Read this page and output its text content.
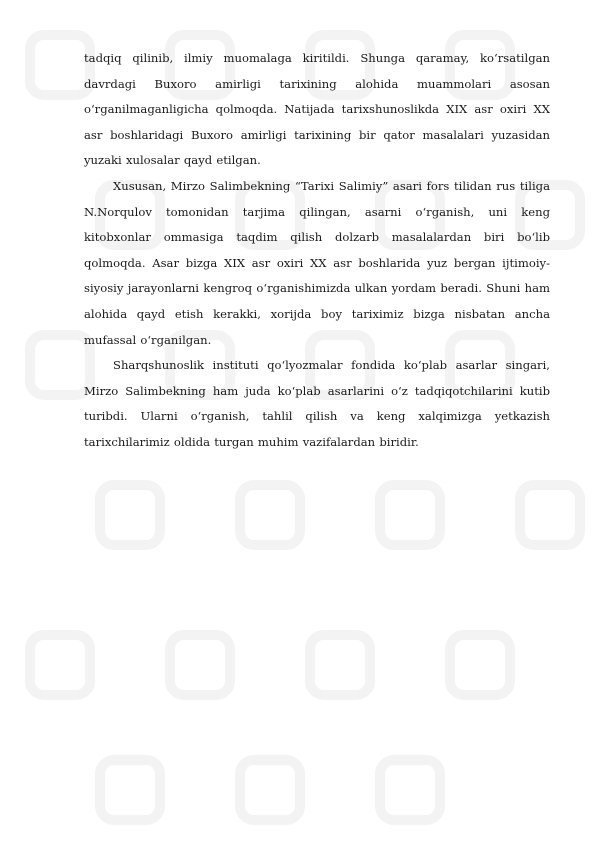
tadqiq qilinib, ilmiy muomalaga kiritildi. Shunga qaramay, ko‘rsatilgan davrdagi Buxoro amirligi tarixining alohida muammolari asosan o‘rganilmaganligicha qolmoqda. Natijada tarixshunoslikda XIX asr oxiri XX asr boshlaridagi Buxoro amirligi tarixining bir qator masalalari yuzasidan yuzaki xulosalar qayd etilgan.

Xususan, Mirzo Salimbekning “Tarixi Salimiy” asari fors tilidan rus tiliga N.Norqulov tomonidan tarjima qilingan, asarni o‘rganish, uni keng kitobxonlar ommasiga taqdim qilish dolzarb masalalardan biri bo‘lib qolmoqda. Asar bizga XIX asr oxiri XX asr boshlarida yuz bergan ijtimoiy-siyosiy jarayonlarni kengroq o‘rganishimizda ulkan yordam beradi. Shuni ham alohida qayd etish kerakki, xorijda boy tariximiz bizga nisbatan ancha mufassal o‘rganilgan.

Sharqshunoslik instituti qo‘lyozmalar fondida ko‘plab asarlar singari, Mirzo Salimbekning ham juda ko‘plab asarlarini o‘z tadqiqotchilarini kutib turibdi. Ularni o‘rganish, tahlil qilish va keng xalqimizga yetkazish tarixchilarimiz oldida turgan muhim vazifalardan biridir.
